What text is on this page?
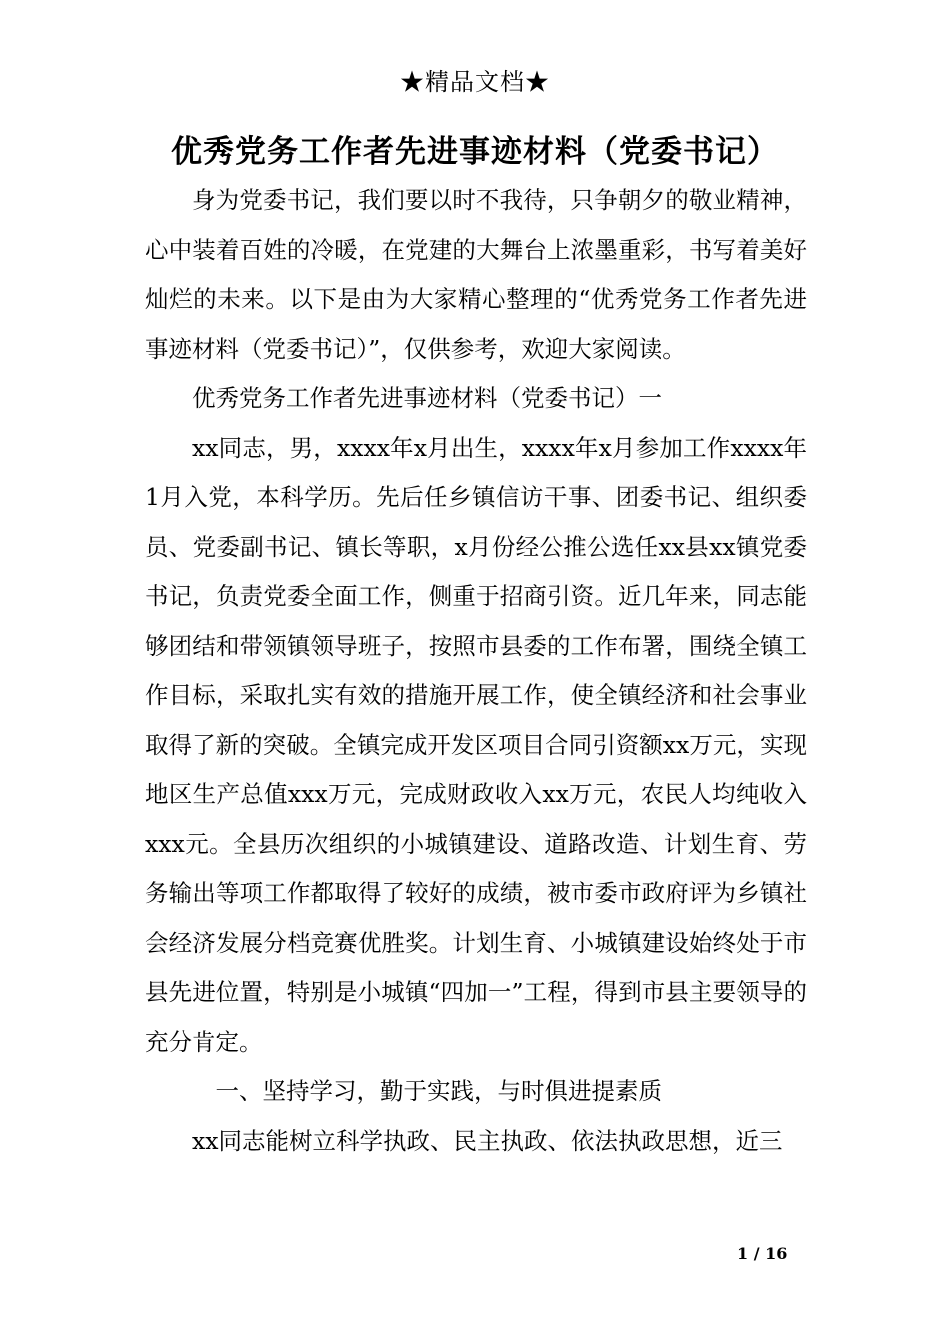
★精品文档★
优秀党务工作者先进事迹材料（党委书记）

身为党委书记，我们要以时不我待，只争朝夕的敬业精神，心中装着百姓的冷暖，在党建的大舞台上浓墨重彩，书写着美好灿烂的未来。以下是由为大家精心整理的“优秀党务工作者先进事迹材料（党委书记）”，仅供参考，欢迎大家阅读。

优秀党务工作者先进事迹材料（党委书记）一

xx同志，男，xxxx年x月出生，xxxx年x月参加工作xxxx年1月入党，本科学历。先后任乡镇信访干事、团委书记、组织委员、党委副书记、镇长等职，x月份经公推公选任xx县xx镇党委书记，负责党委全面工作，侧重于招商引资。近几年来，同志能够团结和带领镇领导班子，按照市县委的工作布署，围绕全镇工作目标，采取扎实有效的措施开展工作，使全镇经济和社会事业取得了新的突破。全镇完成开发区项目合同引资额xx万元，实现地区生产总值xxx万元，完成财政收入xx万元，农民人均纯收入xxx元。全县历次组织的小城镇建设、道路改造、计划生育、劳务输出等项工作都取得了较好的成绩，被市委市政府评为乡镇社会经济发展分档竞赛优胜奖。计划生育、小城镇建设始终处于市县先进位置，特别是小城镇“四加一”工程，得到市县主要领导的充分肯定。

一、坚持学习，勤于实践，与时俱进提素质

xx同志能树立科学执政、民主执政、依法执政思想，近三

1 / 16
